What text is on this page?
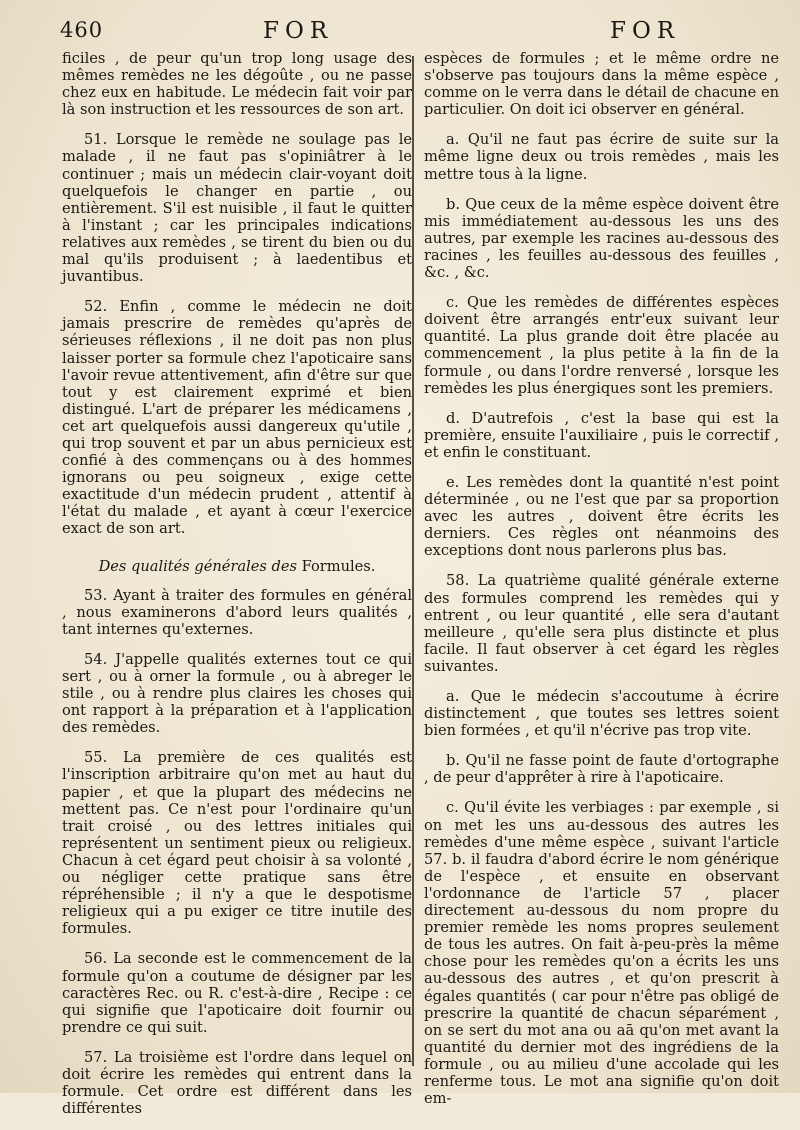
460	FOR	FOR

ficiles , de peur qu'un trop long usage des mêmes remèdes ne les dégoûte , ou ne passe chez eux en habitude. Le médecin fait voir par là son instruction et les ressources de son art.

51. Lorsque le remède ne soulage pas le malade , il ne faut pas s'opiniâtrer à le continuer ; mais un médecin clair-voyant doit quelquefois le changer en partie , ou entièrement. S'il est nuisible , il faut le quitter à l'instant ; car les principales indications relatives aux remèdes , se tirent du bien ou du mal qu'ils produisent ; à laedentibus et juvantibus.

52. Enfin , comme le médecin ne doit jamais prescrire de remèdes qu'après de sérieuses réflexions , il ne doit pas non plus laisser porter sa formule chez l'apoticaire sans l'avoir revue attentivement, afin d'être sur que tout y est clairement exprimé et bien distingué. L'art de préparer les médicamens , cet art quelquefois aussi dangereux qu'utile , qui trop souvent et par un abus pernicieux est confié à des commençans ou à des hommes ignorans ou peu soigneux , exige cette exactitude d'un médecin prudent , attentif à l'état du malade , et ayant à cœur l'exercice exact de son art.

Des qualités générales des Formules.

53. Ayant à traiter des formules en général , nous examinerons d'abord leurs qualités , tant internes qu'externes.

54. J'appelle qualités externes tout ce qui sert , ou à orner la formule , ou à abreger le stile , ou à rendre plus claires les choses qui ont rapport à la préparation et à l'application des remèdes.

55. La première de ces qualités est l'inscription arbitraire qu'on met au haut du papier , et que la plupart des médecins ne mettent pas. Ce n'est pour l'ordinaire qu'un trait croisé , ou des lettres initiales qui représentent un sentiment pieux ou religieux. Chacun à cet égard peut choisir à sa volonté , ou négliger cette pratique sans être répréhensible ; il n'y a que le despotisme religieux qui a pu exiger ce titre inutile des formules.

56. La seconde est le commencement de la formule qu'on a coutume de désigner par les caractères Rec. ou R. c'est-à-dire , Recipe : ce qui signifie que l'apoticaire doit fournir ou prendre ce qui suit.

57. La troisième est l'ordre dans lequel on doit écrire les remèdes qui entrent dans la formule. Cet ordre est différent dans les différentes

espèces de formules ; et le même ordre ne s'observe pas toujours dans la même espèce , comme on le verra dans le détail de chacune en particulier. On doit ici observer en général.

a. Qu'il ne faut pas écrire de suite sur la même ligne deux ou trois remèdes , mais les mettre tous à la ligne.

b. Que ceux de la même espèce doivent être mis immédiatement au-dessous les uns des autres, par exemple les racines au-dessous des racines , les feuilles au-dessous des feuilles , &c. , &c.

c. Que les remèdes de différentes espèces doivent être arrangés entr'eux suivant leur quantité. La plus grande doit être placée au commencement , la plus petite à la fin de la formule , ou dans l'ordre renversé , lorsque les remèdes les plus énergiques sont les premiers.

d. D'autrefois , c'est la base qui est la première, ensuite l'auxiliaire , puis le correctif , et enfin le constituant.

e. Les remèdes dont la quantité n'est point déterminée , ou ne l'est que par sa proportion avec les autres , doivent être écrits les derniers. Ces règles ont néanmoins des exceptions dont nous parlerons plus bas.

58. La quatrième qualité générale externe des formules comprend les remèdes qui y entrent , ou leur quantité , elle sera d'autant meilleure , qu'elle sera plus distincte et plus facile. Il faut observer à cet égard les règles suivantes.

a. Que le médecin s'accoutume à écrire distinctement , que toutes ses lettres soient bien formées , et qu'il n'écrive pas trop vite.

b. Qu'il ne fasse point de faute d'ortographe , de peur d'apprêter à rire à l'apoticaire.

c. Qu'il évite les verbiages : par exemple , si on met les uns au-dessous des autres les remèdes d'une même espèce , suivant l'article 57. b. il faudra d'abord écrire le nom générique de l'espèce , et ensuite en observant l'ordonnance de l'article 57 , placer directement au-dessous du nom propre du premier remède les noms propres seulement de tous les autres. On fait à-peu-près la même chose pour les remèdes qu'on a écrits les uns au-dessous des autres , et qu'on prescrit à égales quantités ( car pour n'être pas obligé de prescrire la quantité de chacun séparément , on se sert du mot ana ou aā qu'on met avant la quantité du dernier mot des ingrédiens de la formule , ou au milieu d'une accolade qui les renferme tous. Le mot ana signifie qu'on doit em-
